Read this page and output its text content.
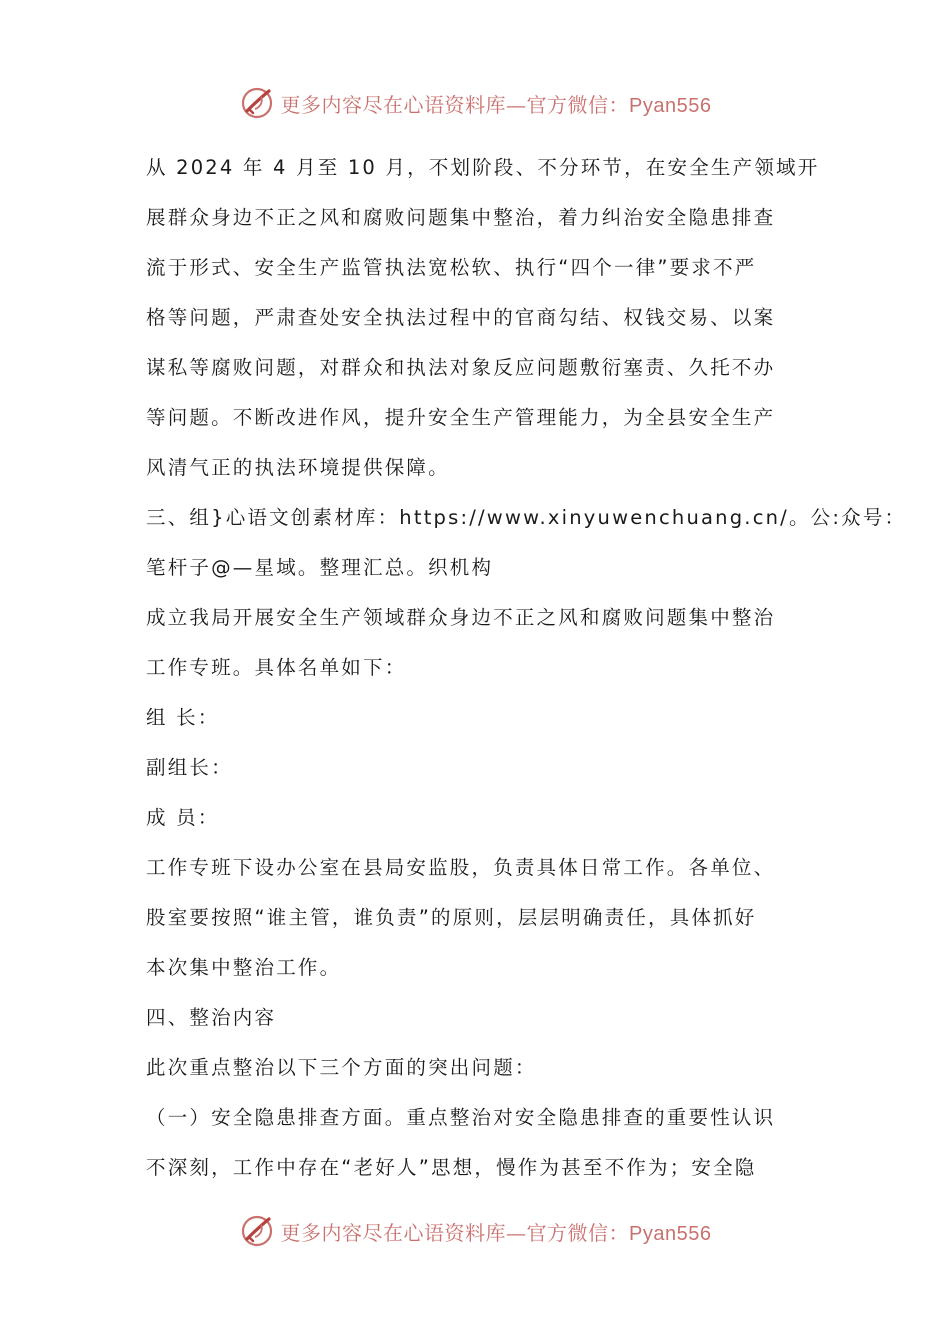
更多内容尽在心语资料库—官方微信：Pyan556
从 2024 年 4 月至 10 月，不划阶段、不分环节，在安全生产领域开
展群众身边不正之风和腐败问题集中整治，着力纠治安全隐患排查
流于形式、安全生产监管执法宽松软、执行“四个一律”要求不严
格等问题，严肃查处安全执法过程中的官商勾结、权钱交易、以案
谋私等腐败问题，对群众和执法对象反应问题敷衍塞责、久托不办
等问题。不断改进作风，提升安全生产管理能力，为全县安全生产
风清气正的执法环境提供保障。
三、组}心语文创素材库：https://www.xinyuwenchuang.cn/。公:众号：
笔杆子@—星域。整理汇总。织机构
成立我局开展安全生产领域群众身边不正之风和腐败问题集中整治
工作专班。具体名单如下：
组 长：
副组长：
成 员：
工作专班下设办公室在县局安监股，负责具体日常工作。各单位、
股室要按照“谁主管，谁负责”的原则，层层明确责任，具体抓好
本次集中整治工作。
四、整治内容
此次重点整治以下三个方面的突出问题：
（一）安全隐患排查方面。重点整治对安全隐患排查的重要性认识
不深刻，工作中存在“老好人”思想，慢作为甚至不作为；安全隐
更多内容尽在心语资料库—官方微信：Pyan556
